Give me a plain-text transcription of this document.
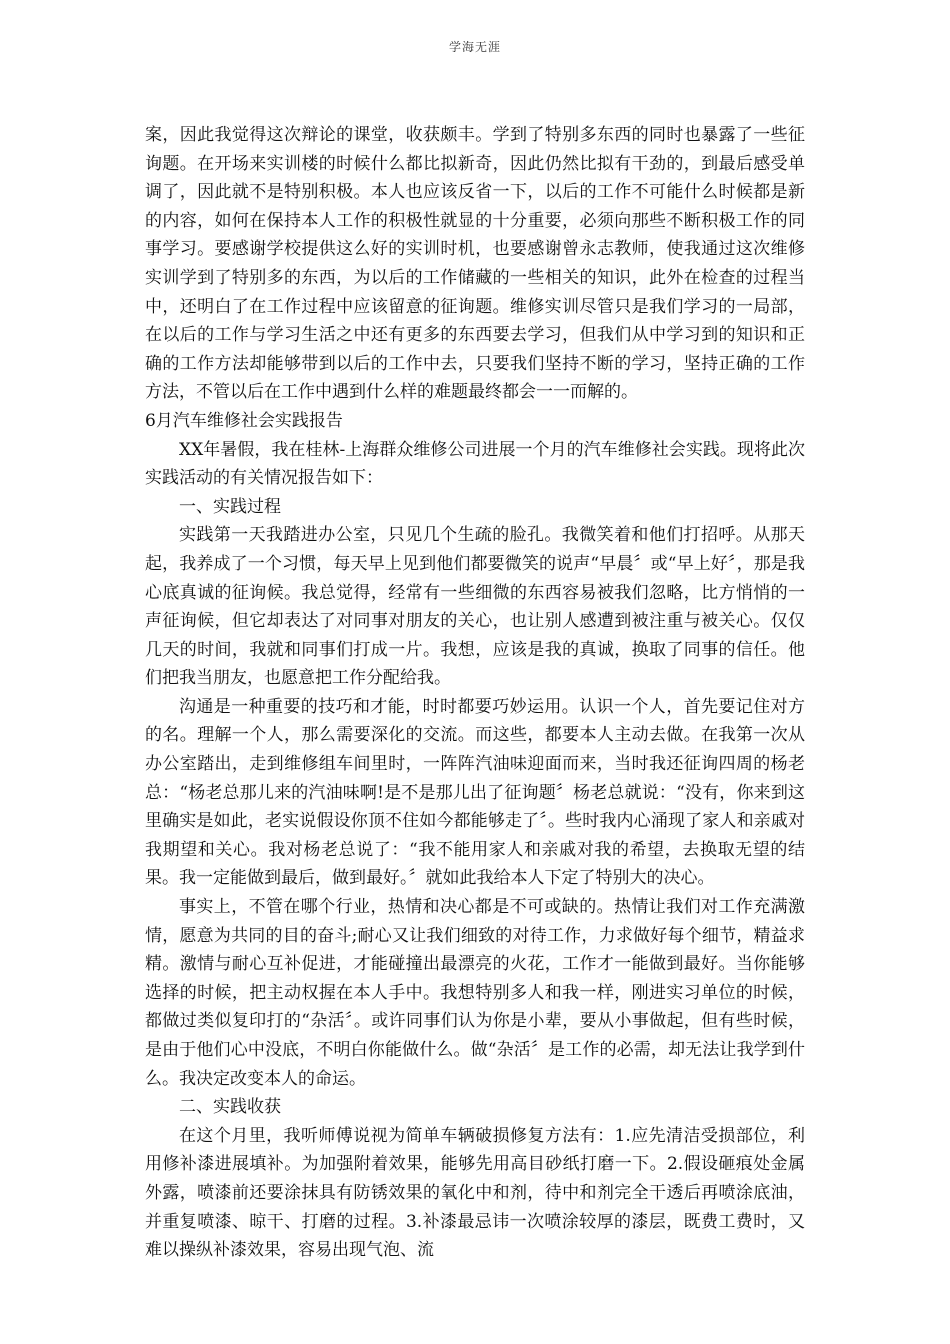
学海无涯

案，因此我觉得这次辩论的课堂，收获颇丰。学到了特别多东西的同时也暴露了一些征询题。在开场来实训楼的时候什么都比拟新奇，因此仍然比拟有干劲的，到最后感受单调了，因此就不是特别积极。本人也应该反省一下，以后的工作不可能什么时候都是新的内容，如何在保持本人工作的积极性就显的十分重要，必须向那些不断积极工作的同事学习。要感谢学校提供这么好的实训时机，也要感谢曾永志教师，使我通过这次维修实训学到了特别多的东西，为以后的工作储藏的一些相关的知识，此外在检查的过程当中，还明白了在工作过程中应该留意的征询题。维修实训尽管只是我们学习的一局部，在以后的工作与学习生活之中还有更多的东西要去学习，但我们从中学习到的知识和正确的工作方法却能够带到以后的工作中去，只要我们坚持不断的学习，坚持正确的工作方法，不管以后在工作中遇到什么样的难题最终都会一一而解的。

6月汽车维修社会实践报告

XX年暑假，我在桂林-上海群众维修公司进展一个月的汽车维修社会实践。现将此次实践活动的有关情况报告如下：

一、实践过程

实践第一天我踏进办公室，只见几个生疏的脸孔。我微笑着和他们打招呼。从那天起，我养成了一个习惯，每天早上见到他们都要微笑的说声“早晨〞或“早上好〞，那是我心底真诚的征询候。我总觉得，经常有一些细微的东西容易被我们忽略，比方悄悄的一声征询候，但它却表达了对同事对朋友的关心，也让别人感遭到被注重与被关心。仅仅几天的时间，我就和同事们打成一片。我想，应该是我的真诚，换取了同事的信任。他们把我当朋友，也愿意把工作分配给我。

沟通是一种重要的技巧和才能，时时都要巧妙运用。认识一个人，首先要记住对方的名。理解一个人，那么需要深化的交流。而这些，都要本人主动去做。在我第一次从办公室踏出，走到维修组车间里时，一阵阵汽油味迎面而来，当时我还征询四周的杨老总：“杨老总那儿来的汽油味啊!是不是那儿出了征询题〞杨老总就说：“没有，你来到这里确实是如此，老实说假设你顶不住如今都能够走了〞。些时我内心涌现了家人和亲戚对我期望和关心。我对杨老总说了：“我不能用家人和亲戚对我的希望，去换取无望的结果。我一定能做到最后，做到最好。〞就如此我给本人下定了特别大的决心。

事实上，不管在哪个行业，热情和决心都是不可或缺的。热情让我们对工作充满激情，愿意为共同的目的奋斗;耐心又让我们细致的对待工作，力求做好每个细节，精益求精。激情与耐心互补促进，才能碰撞出最漂亮的火花，工作才一能做到最好。当你能够选择的时候，把主动权握在本人手中。我想特别多人和我一样，刚进实习单位的时候，都做过类似复印打的“杂活〞。或许同事们认为你是小辈，要从小事做起，但有些时候，是由于他们心中没底，不明白你能做什么。做“杂活〞是工作的必需，却无法让我学到什么。我决定改变本人的命运。

二、实践收获

在这个月里，我听师傅说视为简单车辆破损修复方法有：1.应先清洁受损部位，利用修补漆进展填补。为加强附着效果，能够先用高目砂纸打磨一下。2.假设砸痕处金属外露，喷漆前还要涂抹具有防锈效果的氧化中和剂，待中和剂完全干透后再喷涂底油，并重复喷漆、晾干、打磨的过程。3.补漆最忌讳一次喷涂较厚的漆层，既费工费时，又难以操纵补漆效果，容易出现气泡、流
